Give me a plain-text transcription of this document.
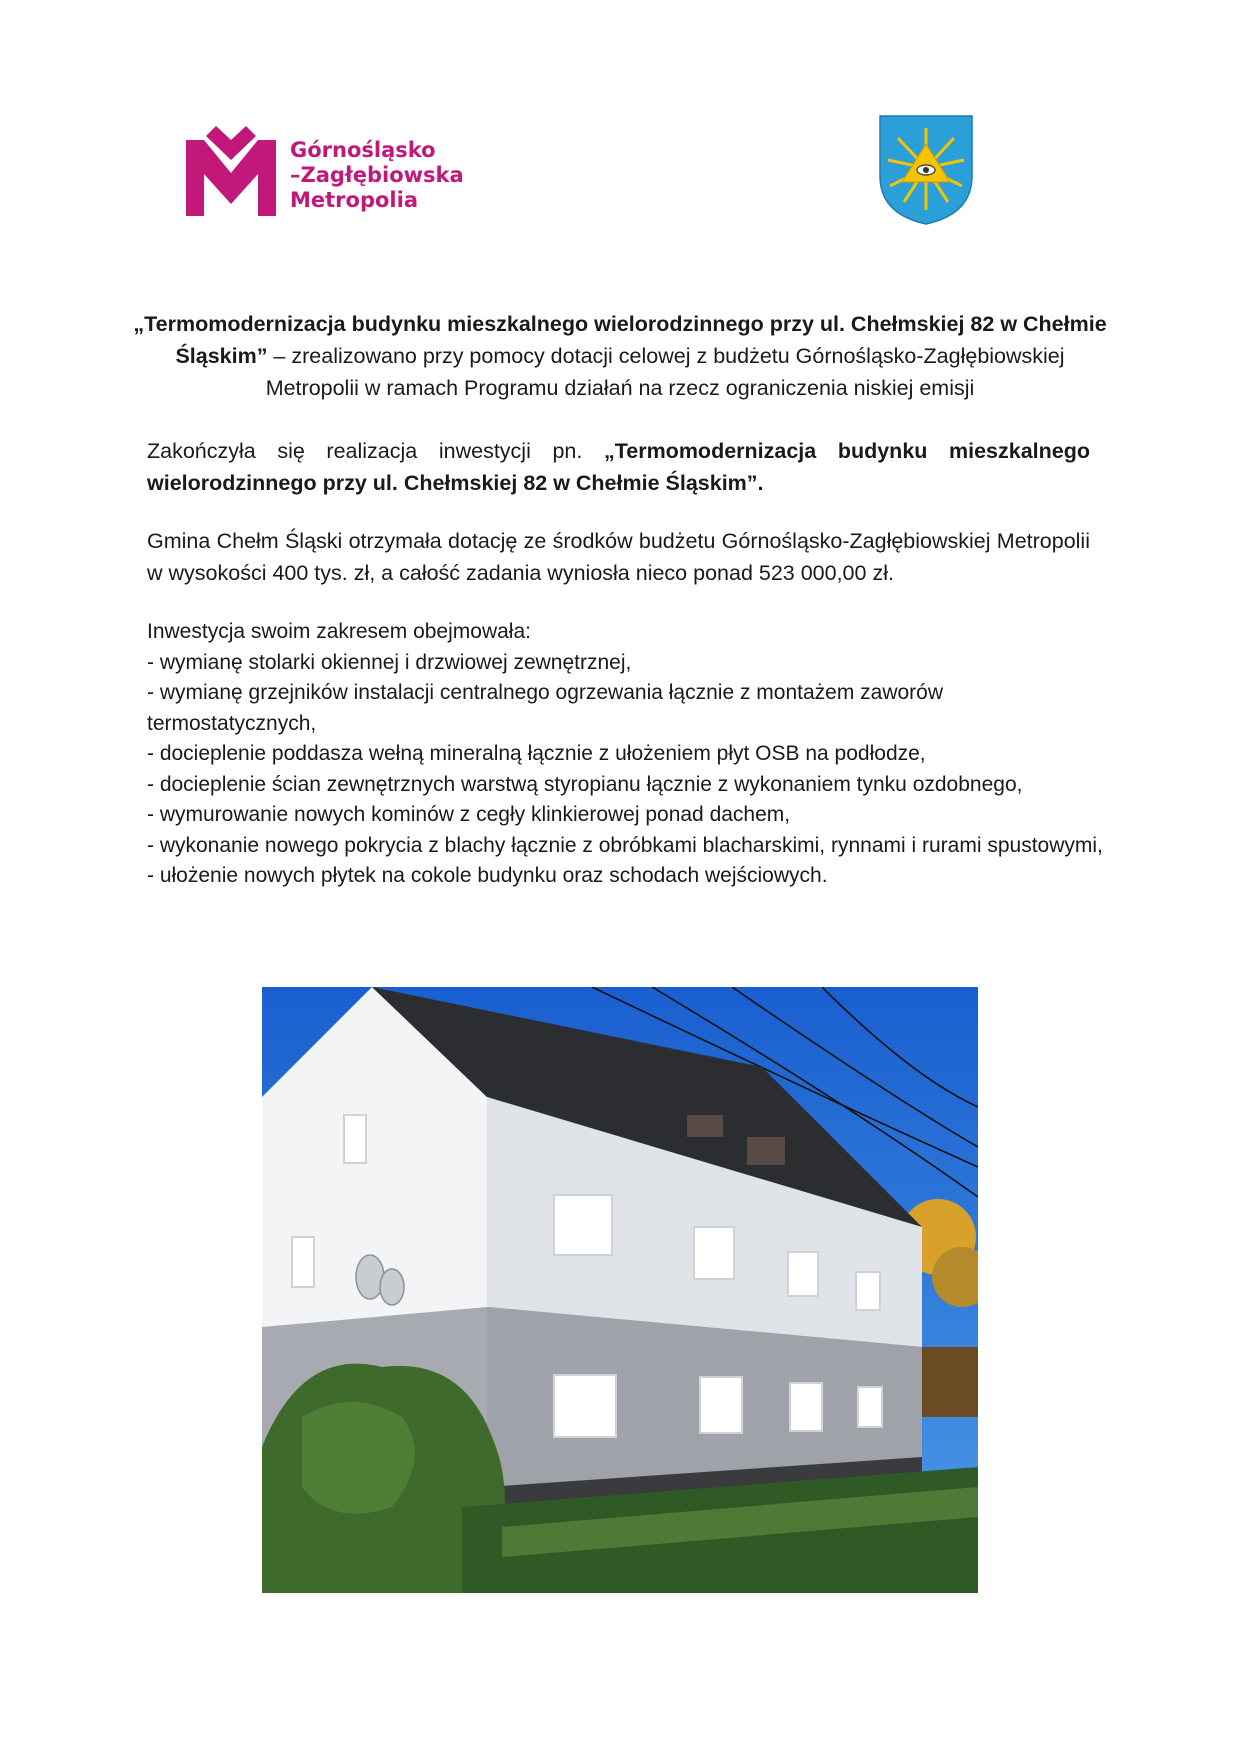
Górnośląsko
–Zagłębiowska
Metropolia
„Termomodernizacja budynku mieszkalnego wielorodzinnego przy ul. Chełmskiej 82 w Chełmie Śląskim” – zrealizowano przy pomocy dotacji celowej z budżetu Górnośląsko-Zagłębiowskiej Metropolii w ramach Programu działań na rzecz ograniczenia niskiej emisji
Zakończyła się realizacja inwestycji pn. „Termomodernizacja budynku mieszkalnego wielorodzinnego przy ul. Chełmskiej 82 w Chełmie Śląskim”.
Gmina Chełm Śląski otrzymała dotację ze środków budżetu Górnośląsko-Zagłębiowskiej Metropolii w wysokości 400 tys. zł, a całość zadania wyniosła nieco ponad 523 000,00 zł.
Inwestycja swoim zakresem obejmowała:
- wymianę stolarki okiennej i drzwiowej zewnętrznej,
- wymianę grzejników instalacji centralnego ogrzewania łącznie z montażem zaworów termostatycznych,
- docieplenie poddasza wełną mineralną łącznie z ułożeniem płyt OSB na podłodze,
- docieplenie ścian zewnętrznych warstwą styropianu łącznie z wykonaniem tynku ozdobnego,
- wymurowanie nowych kominów z cegły klinkierowej ponad dachem,
- wykonanie nowego pokrycia z blachy łącznie z obróbkami blacharskimi, rynnami i rurami spustowymi,
- ułożenie nowych płytek na cokole budynku oraz schodach wejściowych.
